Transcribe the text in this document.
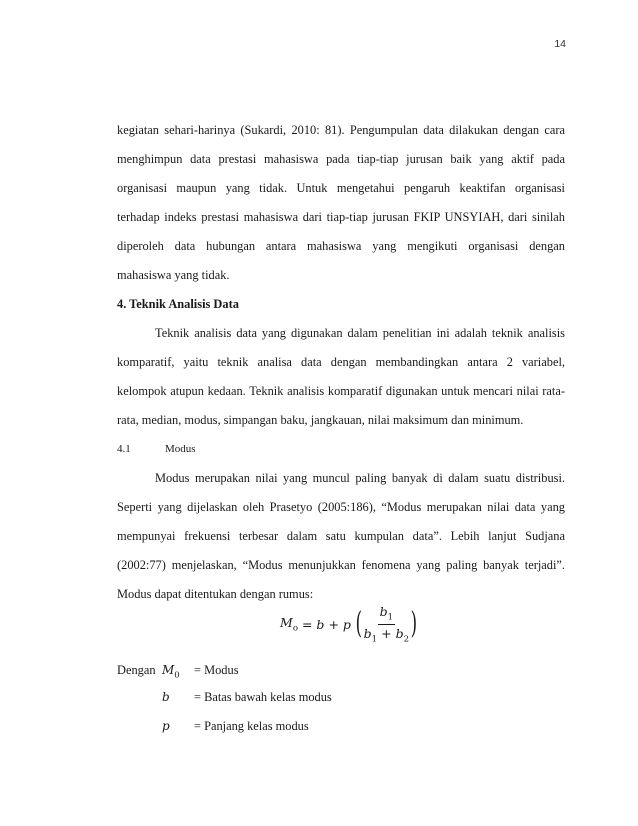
14
kegiatan sehari-harinya (Sukardi, 2010: 81). Pengumpulan data dilakukan dengan cara
menghimpun data prestasi mahasiswa pada tiap-tiap jurusan baik yang aktif pada
organisasi maupun yang tidak. Untuk mengetahui pengaruh keaktifan organisasi
terhadap indeks prestasi mahasiswa dari tiap-tiap jurusan FKIP UNSYIAH, dari sinilah
diperoleh data hubungan antara mahasiswa yang mengikuti organisasi dengan
mahasiswa yang tidak.
4. Teknik Analisis Data
Teknik analisis data yang digunakan dalam penelitian ini adalah teknik analisis
komparatif, yaitu teknik analisa data dengan membandingkan antara 2 variabel,
kelompok atupun kedaan. Teknik analisis komparatif digunakan untuk mencari nilai rata-
rata, median, modus, simpangan baku, jangkauan, nilai maksimum dan minimum.
4.1	Modus
Modus merupakan nilai yang muncul paling banyak di dalam suatu distribusi.
Seperti yang dijelaskan oleh Prasetyo (2005:186), “Modus merupakan nilai data yang
mempunyai frekuensi terbesar dalam satu kumpulan data”. Lebih lanjut Sudjana
(2002:77) menjelaskan, “Modus menunjukkan fenomena yang paling banyak terjadi”.
Modus dapat ditentukan dengan rumus:
$M_o = b + p$ ( $\frac{b_1}{b_1 + b_2}$ )
Dengan $M_0$ = Modus
b = Batas bawah kelas modus
p = Panjang kelas modus
